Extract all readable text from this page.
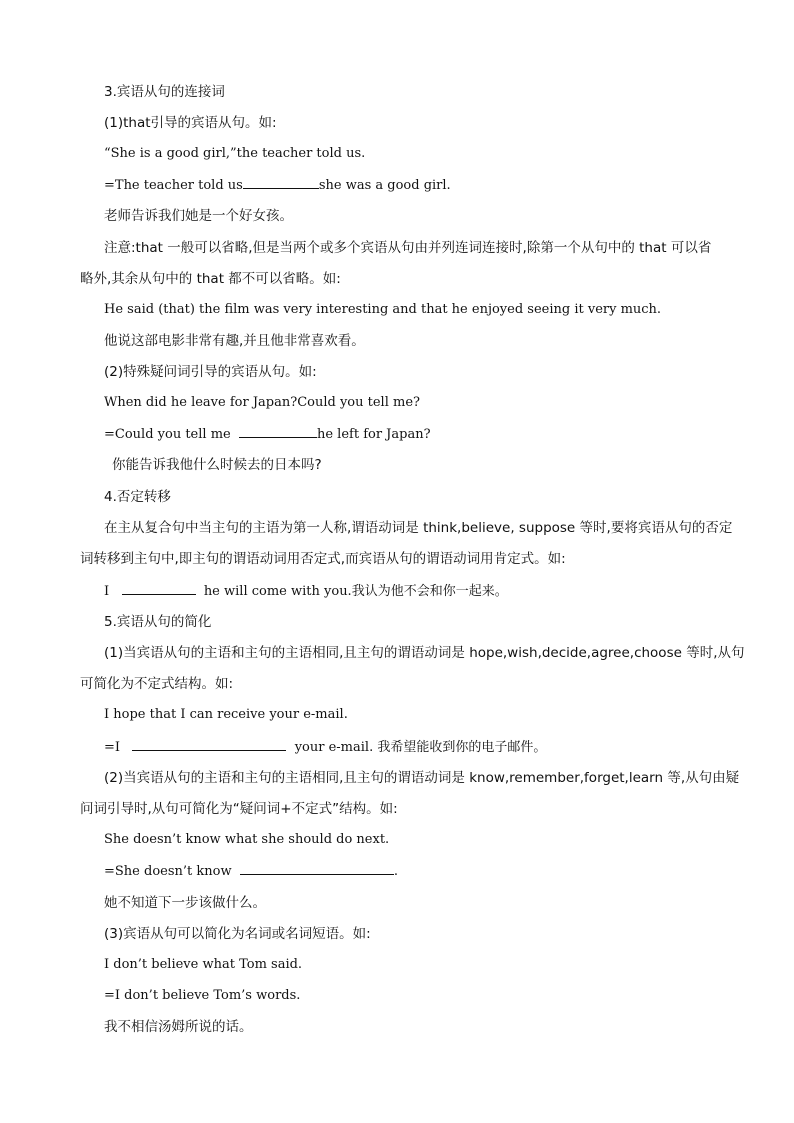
3.宾语从句的连接词
(1)that引导的宾语从句。如:
“She is a good girl,”the teacher told us.
=The teacher told us	she was a good girl.
老师告诉我们她是一个好女孩。
注意:that 一般可以省略,但是当两个或多个宾语从句由并列连词连接时,除第一个从句中的 that 可以省
略外,其余从句中的 that 都不可以省略。如:
He said (that) the film was very interesting and that he enjoyed seeing it very much.
他说这部电影非常有趣,并且他非常喜欢看。
(2)特殊疑问词引导的宾语从句。如:
When did he leave for Japan?Could you tell me?
=Could you tell me	he left for Japan?
你能告诉我他什么时候去的日本吗?
4.否定转移
在主从复合句中当主句的主语为第一人称,谓语动词是 think,believe, suppose 等时,要将宾语从句的否定
词转移到主句中,即主句的谓语动词用否定式,而宾语从句的谓语动词用肯定式。如:
I	he will come with you.我认为他不会和你一起来。
5.宾语从句的简化
(1)当宾语从句的主语和主句的主语相同,且主句的谓语动词是 hope,wish,decide,agree,choose 等时,从句
可简化为不定式结构。如:
I hope that I can receive your e-mail.
=I	your e-mail. 我希望能收到你的电子邮件。
(2)当宾语从句的主语和主句的主语相同,且主句的谓语动词是 know,remember,forget,learn 等,从句由疑
问词引导时,从句可简化为“疑问词+不定式”结构。如:
She doesn’t know what she should do next.
=She doesn’t know	.
她不知道下一步该做什么。
(3)宾语从句可以简化为名词或名词短语。如:
I don’t believe what Tom said.
=I don’t believe Tom’s words.
我不相信汤姆所说的话。
